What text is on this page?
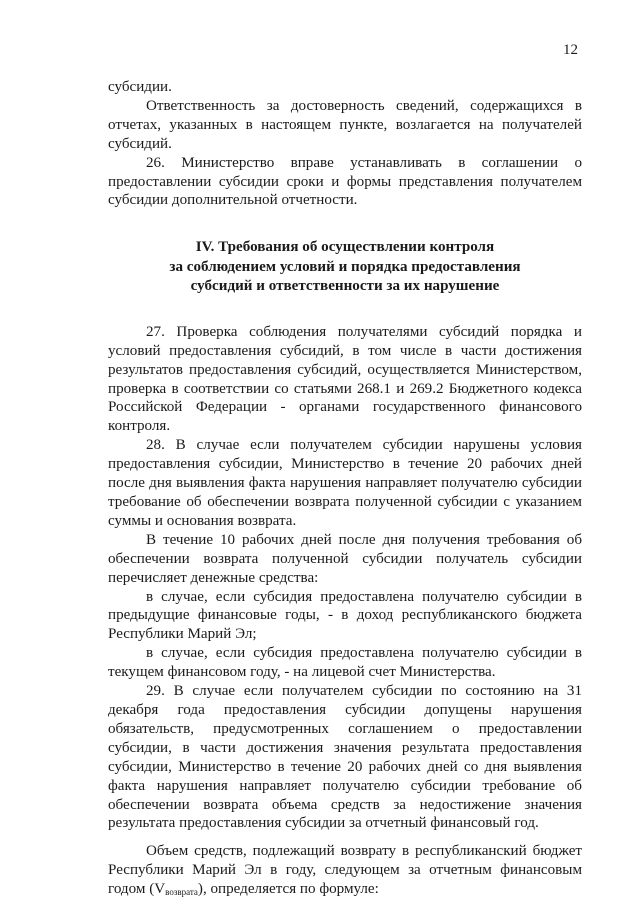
12

субсидии.

Ответственность за достоверность сведений, содержащихся в отчетах, указанных в настоящем пункте, возлагается на получателей субсидий.

26. Министерство вправе устанавливать в соглашении о предоставлении субсидии сроки и формы представления получателем субсидии дополнительной отчетности.

IV. Требования об осуществлении контроля
за соблюдением условий и порядка предоставления
субсидий и ответственности за их нарушение

27. Проверка соблюдения получателями субсидий порядка и условий предоставления субсидий, в том числе в части достижения результатов предоставления субсидий, осуществляется Министерством, проверка в соответствии со статьями 268.1 и 269.2 Бюджетного кодекса Российской Федерации - органами государственного финансового контроля.

28. В случае если получателем субсидии нарушены условия предоставления субсидии, Министерство в течение 20 рабочих дней после дня выявления факта нарушения направляет получателю субсидии требование об обеспечении возврата полученной субсидии с указанием суммы и основания возврата.

В течение 10 рабочих дней после дня получения требования об обеспечении возврата полученной субсидии получатель субсидии перечисляет денежные средства:

в случае, если субсидия предоставлена получателю субсидии в предыдущие финансовые годы, - в доход республиканского бюджета Республики Марий Эл;

в случае, если субсидия предоставлена получателю субсидии в текущем финансовом году, - на лицевой счет Министерства.

29. В случае если получателем субсидии по состоянию на 31 декабря года предоставления субсидии допущены нарушения обязательств, предусмотренных соглашением о предоставлении субсидии, в части достижения значения результата предоставления субсидии, Министерство в течение 20 рабочих дней со дня выявления факта нарушения направляет получателю субсидии требование об обеспечении возврата объема средств за недостижение значения результата предоставления субсидии за отчетный финансовый год.

Объем средств, подлежащий возврату в республиканский бюджет Республики Марий Эл в году, следующем за отчетным финансовым годом (Vвозврата), определяется по формуле:
